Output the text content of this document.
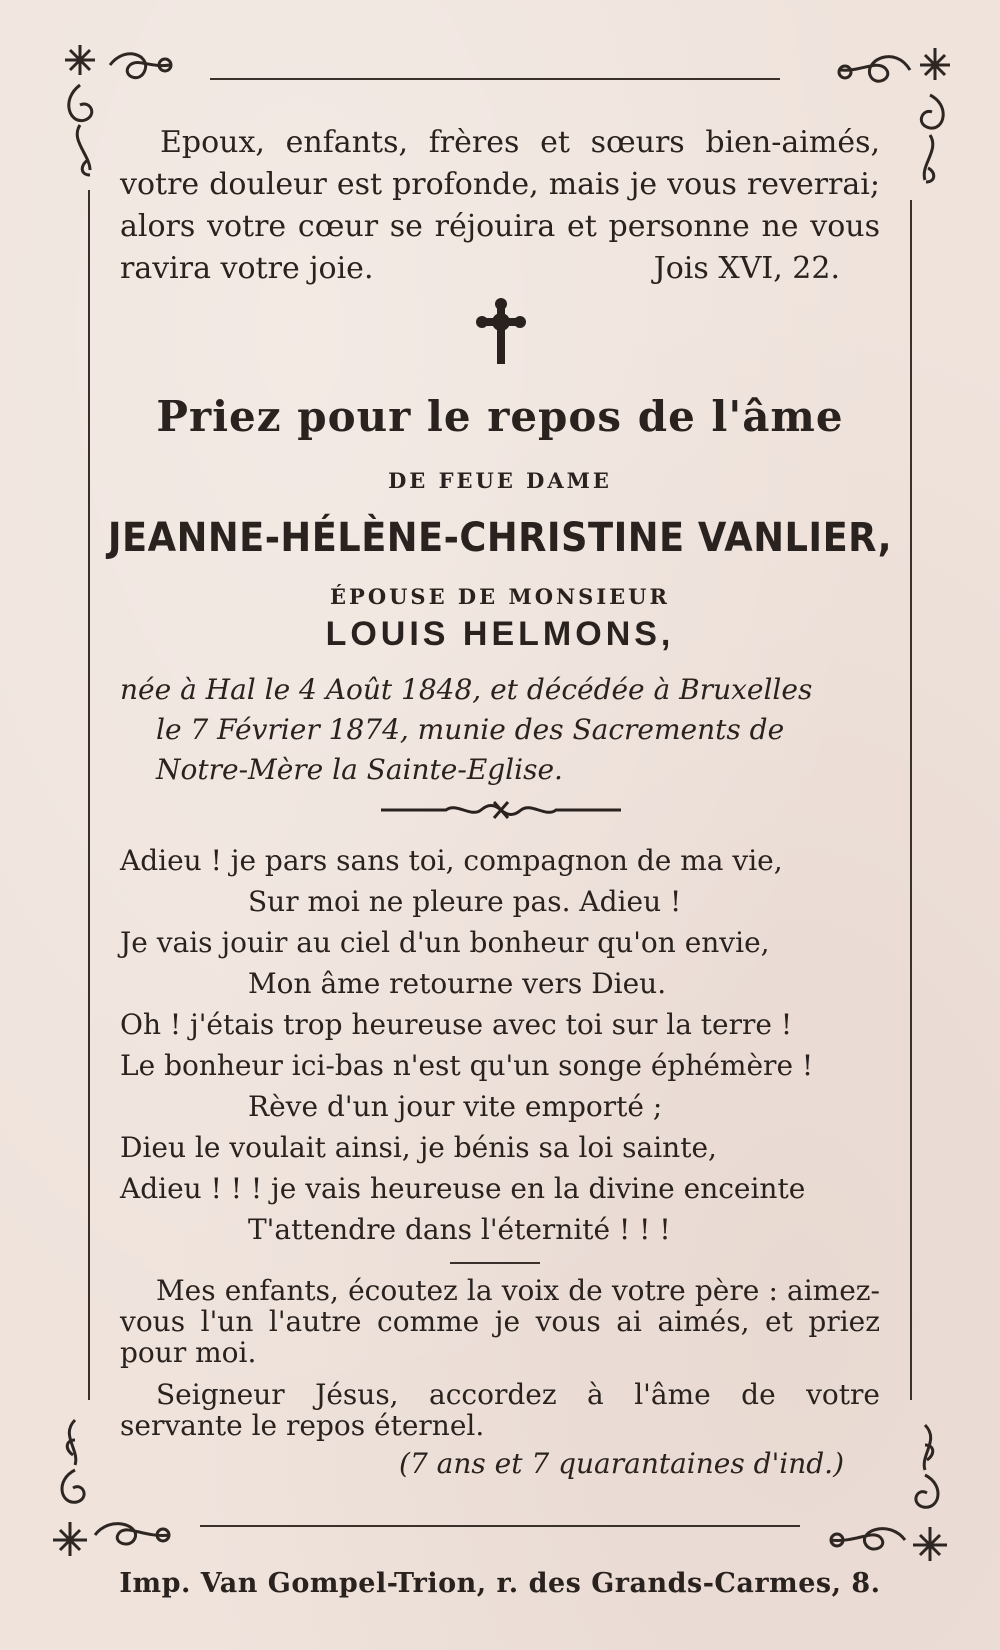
Epoux, enfants, frères et sœurs bien-aimés, votre douleur est profonde, mais je vous reverrai; alors votre cœur se réjouira et personne ne vous ravira votre joie.	Jois XVI, 22.
Priez pour le repos de l'âme
DE FEUE DAME
JEANNE-HÉLÈNE-CHRISTINE VANLIER,
ÉPOUSE DE MONSIEUR
LOUIS HELMONS,
née à Hal le 4 Août 1848, et décédée à Bruxelles
le 7 Février 1874, munie des Sacrements de
Notre-Mère la Sainte-Eglise.
Adieu ! je pars sans toi, compagnon de ma vie,
Sur moi ne pleure pas. Adieu !
Je vais jouir au ciel d'un bonheur qu'on envie,
Mon âme retourne vers Dieu.
Oh ! j'étais trop heureuse avec toi sur la terre !
Le bonheur ici-bas n'est qu'un songe éphémère !
Rève d'un jour vite emporté ;
Dieu le voulait ainsi, je bénis sa loi sainte,
Adieu ! ! ! je vais heureuse en la divine enceinte
T'attendre dans l'éternité ! ! !

Mes enfants, écoutez la voix de votre père : aimez-vous l'un l'autre comme je vous ai aimés, et priez pour moi.

Seigneur Jésus, accordez à l'âme de votre servante le repos éternel.

(7 ans et 7 quarantaines d'ind.)
Imp. Van Gompel-Trion, r. des Grands-Carmes, 8.
